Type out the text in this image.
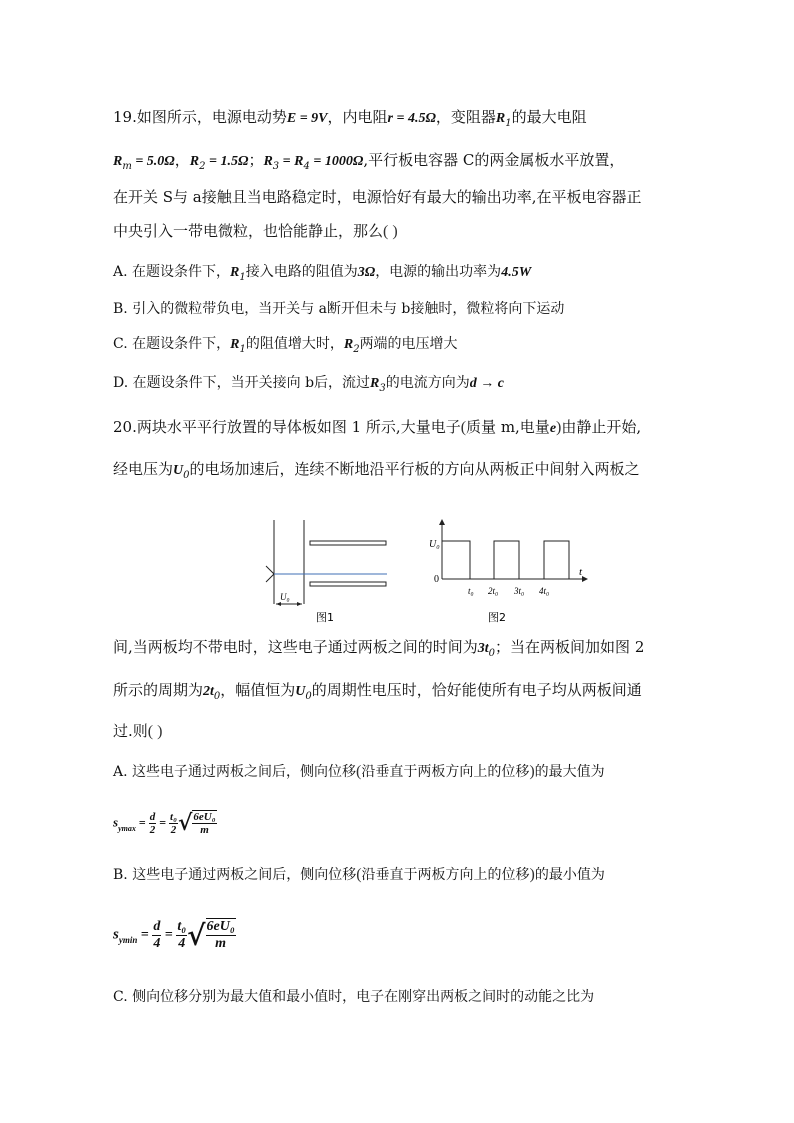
19.如图所示，电源电动势E = 9V，内电阻r = 4.5Ω，变阻器$R_1$的最大电阻
$R_m = 5.0\Omega$，$R_2 = 1.5\Omega$；$R_3 = R_4 = 1000\Omega$,平行板电容器 C的两金属板水平放置，
在开关 S与 a接触且当电路稳定时，电源恰好有最大的输出功率,在平板电容器正
中央引入一带电微粒，也恰能静止，那么( )
A. 在题设条件下，$R_1$接入电路的阻值为3Ω，电源的输出功率为4.5W
B. 引入的微粒带负电，当开关与 a断开但未与 b接触时，微粒将向下运动
C. 在题设条件下，$R_1$的阻值增大时，$R_2$两端的电压增大
D. 在题设条件下，当开关接向 b后，流过$R_3$的电流方向为d → c
20.两块水平平行放置的导体板如图 1 所示,大量电子(质量 m,电量e)由静止开始,
经电压为$U_0$的电场加速后，连续不断地沿平行板的方向从两板正中间射入两板之
U₀
图1
U₀
0
t
t₀ 2t₀ 3t₀ 4t₀
图2
间,当两板均不带电时，这些电子通过两板之间的时间为$3t_0$；当在两板间加如图 2
所示的周期为$2t_0$，幅值恒为$U_0$的周期性电压时，恰好能使所有电子均从两板间通
过.则( )
A. 这些电子通过两板之间后，侧向位移(沿垂直于两板方向上的位移)的最大值为
$s_{ymax} = \frac{d}{2} = \frac{\text{t₀}}{2}$ √ $\frac{\text{6eU₀}}{m}$
B. 这些电子通过两板之间后，侧向位移(沿垂直于两板方向上的位移)的最小值为
$s_{ymin} = \frac{d}{4} = \frac{\text{t₀}}{4}$ √ $\frac{\text{6eU₀}}{m}$
C. 侧向位移分别为最大值和最小值时，电子在刚穿出两板之间时的动能之比为
